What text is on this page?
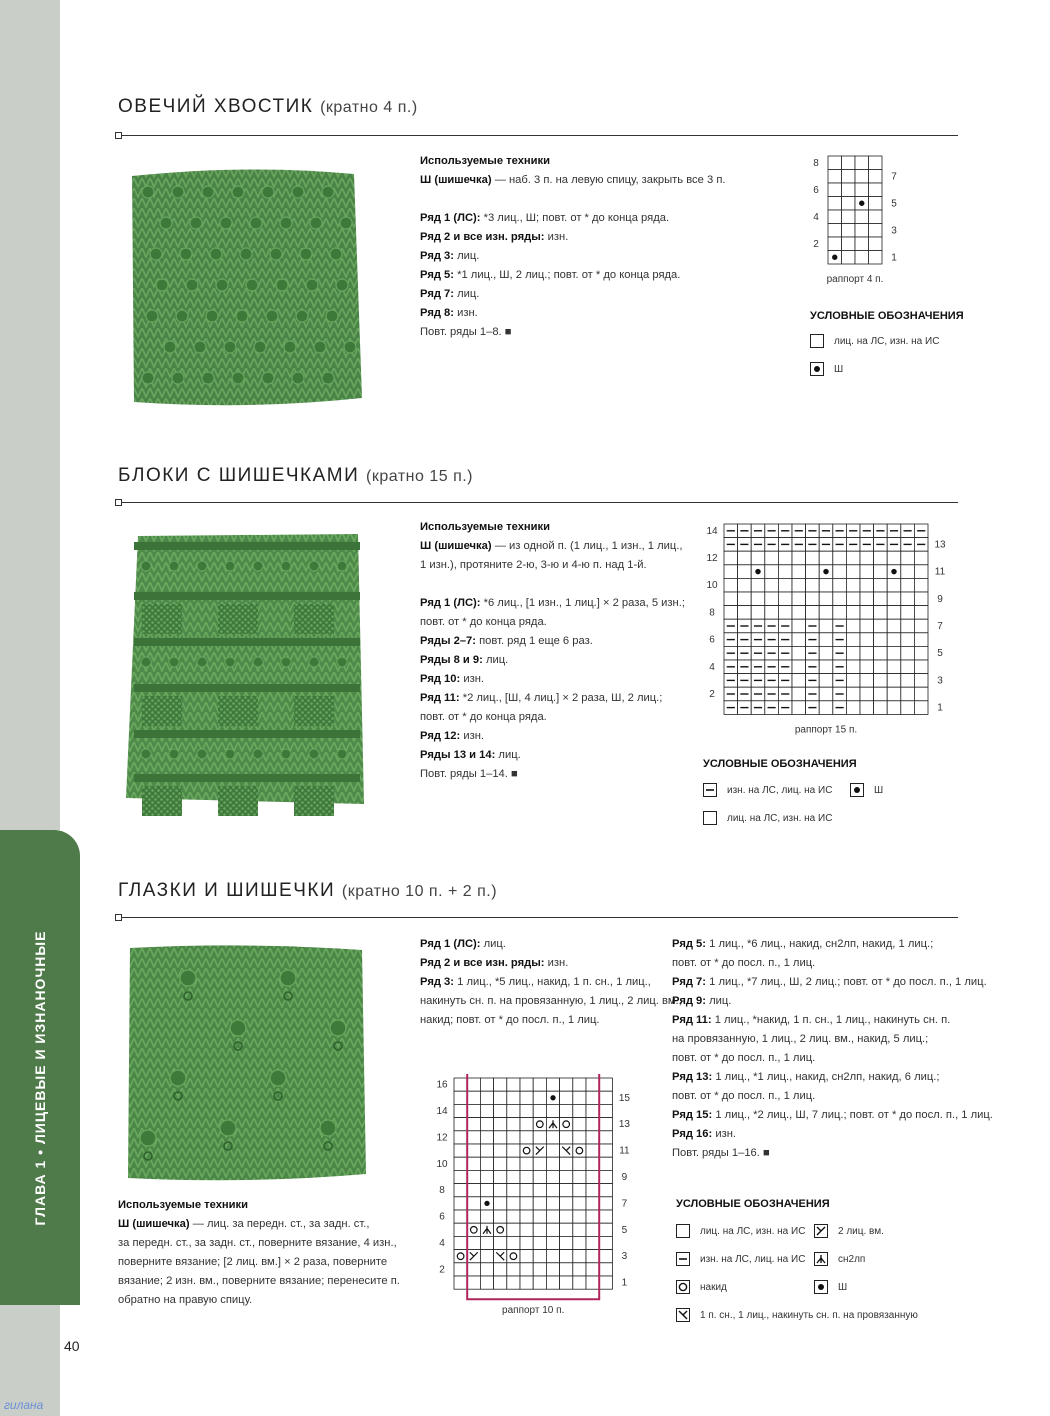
ГЛАВА 1 • ЛИЦЕВЫЕ И ИЗНАНОЧНЫЕ
40
гилана
ОВЕЧИЙ ХВОСТИК (кратно 4 п.)
Используемые техники
Ш (шишечка) — наб. 3 п. на левую спицу, закрыть все 3 п.
Ряд 1 (ЛС): *3 лиц., Ш; повт. от * до конца ряда.
Ряд 2 и все изн. ряды: изн.
Ряд 3: лиц.
Ряд 5: *1 лиц., Ш, 2 лиц.; повт. от * до конца ряда.
Ряд 7: лиц.
Ряд 8: изн.
Повт. ряды 1–8. ■
8
6
4
2
7
5
3
1
раппорт 4 п.
УСЛОВНЫЕ ОБОЗНАЧЕНИЯ
лиц. на ЛС, изн. на ИС
Ш
БЛОКИ С ШИШЕЧКАМИ (кратно 15 п.)
Используемые техники
Ш (шишечка) — из одной п. (1 лиц., 1 изн., 1 лиц.,
1 изн.), протяните 2-ю, 3-ю и 4-ю п. над 1-й.
Ряд 1 (ЛС): *6 лиц., [1 изн., 1 лиц.] × 2 раза, 5 изн.;
повт. от * до конца ряда.
Ряды 2–7: повт. ряд 1 еще 6 раз.
Ряды 8 и 9: лиц.
Ряд 10: изн.
Ряд 11: *2 лиц., [Ш, 4 лиц.] × 2 раза, Ш, 2 лиц.;
повт. от * до конца ряда.
Ряд 12: изн.
Ряды 13 и 14: лиц.
Повт. ряды 1–14. ■
14
12
10
8
6
4
2
13
11
9
7
5
3
1
раппорт 15 п.
УСЛОВНЫЕ ОБОЗНАЧЕНИЯ
изн. на ЛС, лиц. на ИС	Ш
лиц. на ЛС, изн. на ИС
ГЛАЗКИ И ШИШЕЧКИ (кратно 10 п. + 2 п.)
Используемые техники
Ш (шишечка) — лиц. за передн. ст., за задн. ст.,
за передн. ст., за задн. ст., поверните вязание, 4 изн.,
поверните вязание; [2 лиц. вм.] × 2 раза, поверните
вязание; 2 изн. вм., поверните вязание; перенесите п.
обратно на правую спицу.
Ряд 1 (ЛС): лиц.
Ряд 2 и все изн. ряды: изн.
Ряд 3: 1 лиц., *5 лиц., накид, 1 п. сн., 1 лиц.,
накинуть сн. п. на провязанную, 1 лиц., 2 лиц. вм.,
накид; повт. от * до посл. п., 1 лиц.
Ряд 5: 1 лиц., *6 лиц., накид, сн2лп, накид, 1 лиц.;
повт. от * до посл. п., 1 лиц.
Ряд 7: 1 лиц., *7 лиц., Ш, 2 лиц.; повт. от * до посл. п., 1 лиц.
Ряд 9: лиц.
Ряд 11: 1 лиц., *накид, 1 п. сн., 1 лиц., накинуть сн. п.
на провязанную, 1 лиц., 2 лиц. вм., накид, 5 лиц.;
повт. от * до посл. п., 1 лиц.
Ряд 13: 1 лиц., *1 лиц., накид, сн2лп, накид, 6 лиц.;
повт. от * до посл. п., 1 лиц.
Ряд 15: 1 лиц., *2 лиц., Ш, 7 лиц.; повт. от * до посл. п., 1 лиц.
Ряд 16: изн.
Повт. ряды 1–16. ■
16
14
12
10
8
6
4
2
15
13
11
9
7
5
3
1
раппорт 10 п.
УСЛОВНЫЕ ОБОЗНАЧЕНИЯ
лиц. на ЛС, изн. на ИС	2 лиц. вм.
изн. на ЛС, лиц. на ИС	сн2лп
накид	Ш
1 п. сн., 1 лиц., накинуть сн. п. на провязанную
